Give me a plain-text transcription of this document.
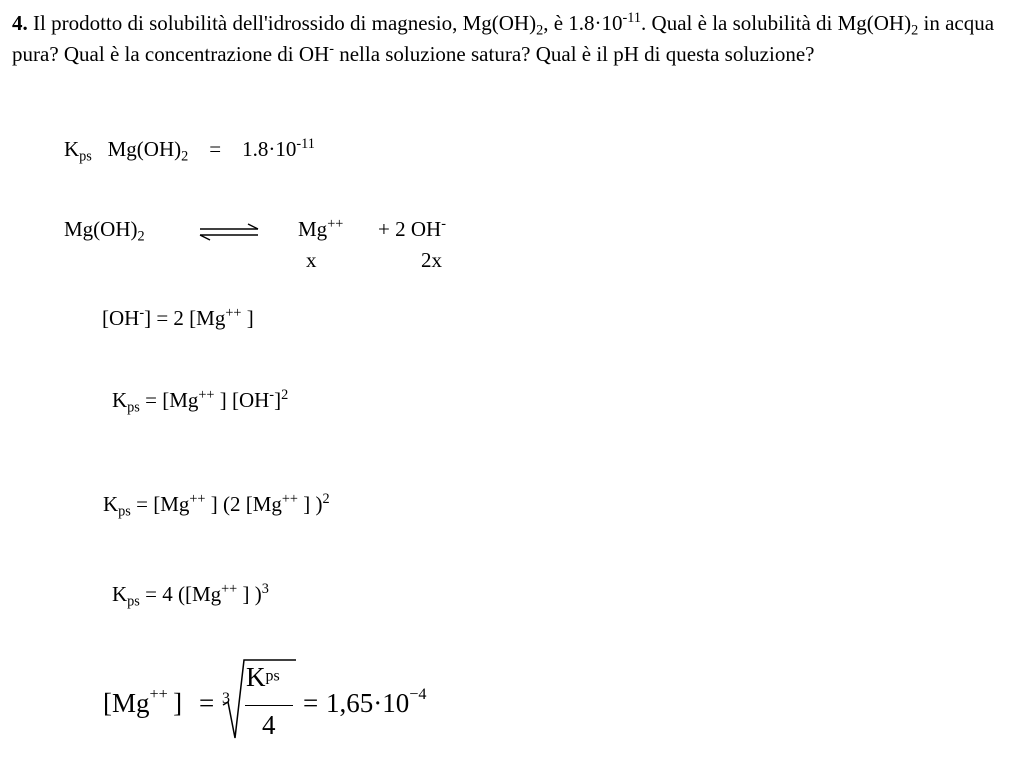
4. Il prodotto di solubilità dell'idrossido di magnesio, $Mg(OH)_2$, è $1.8\cdot 10^{-11}$. Qual è la solubilità di $Mg(OH)_2$ in acqua pura? Qual è la concentrazione di OH- nella soluzione satura? Qual è il pH di questa soluzione?
$K_{ps}$ $Mg(OH)_2 = 1.8\cdot 10^{-11}$
$Mg(OH)_2$	Mg++ + 2 OH-
x	2x
[OH-] = 2 [Mg++ ]
$K_{ps} = [Mg^{++}$ ] $[OH^-]^2$
$K_{ps} = [Mg^{++}$ ] (2 [Mg++ ] )$^2$
$K_{ps} = 4$ ([Mg++ ] )$^3$
[Mg++  ] = 3
$K^{ps}$
4
= $1,65\cdot 10^{-4}$
